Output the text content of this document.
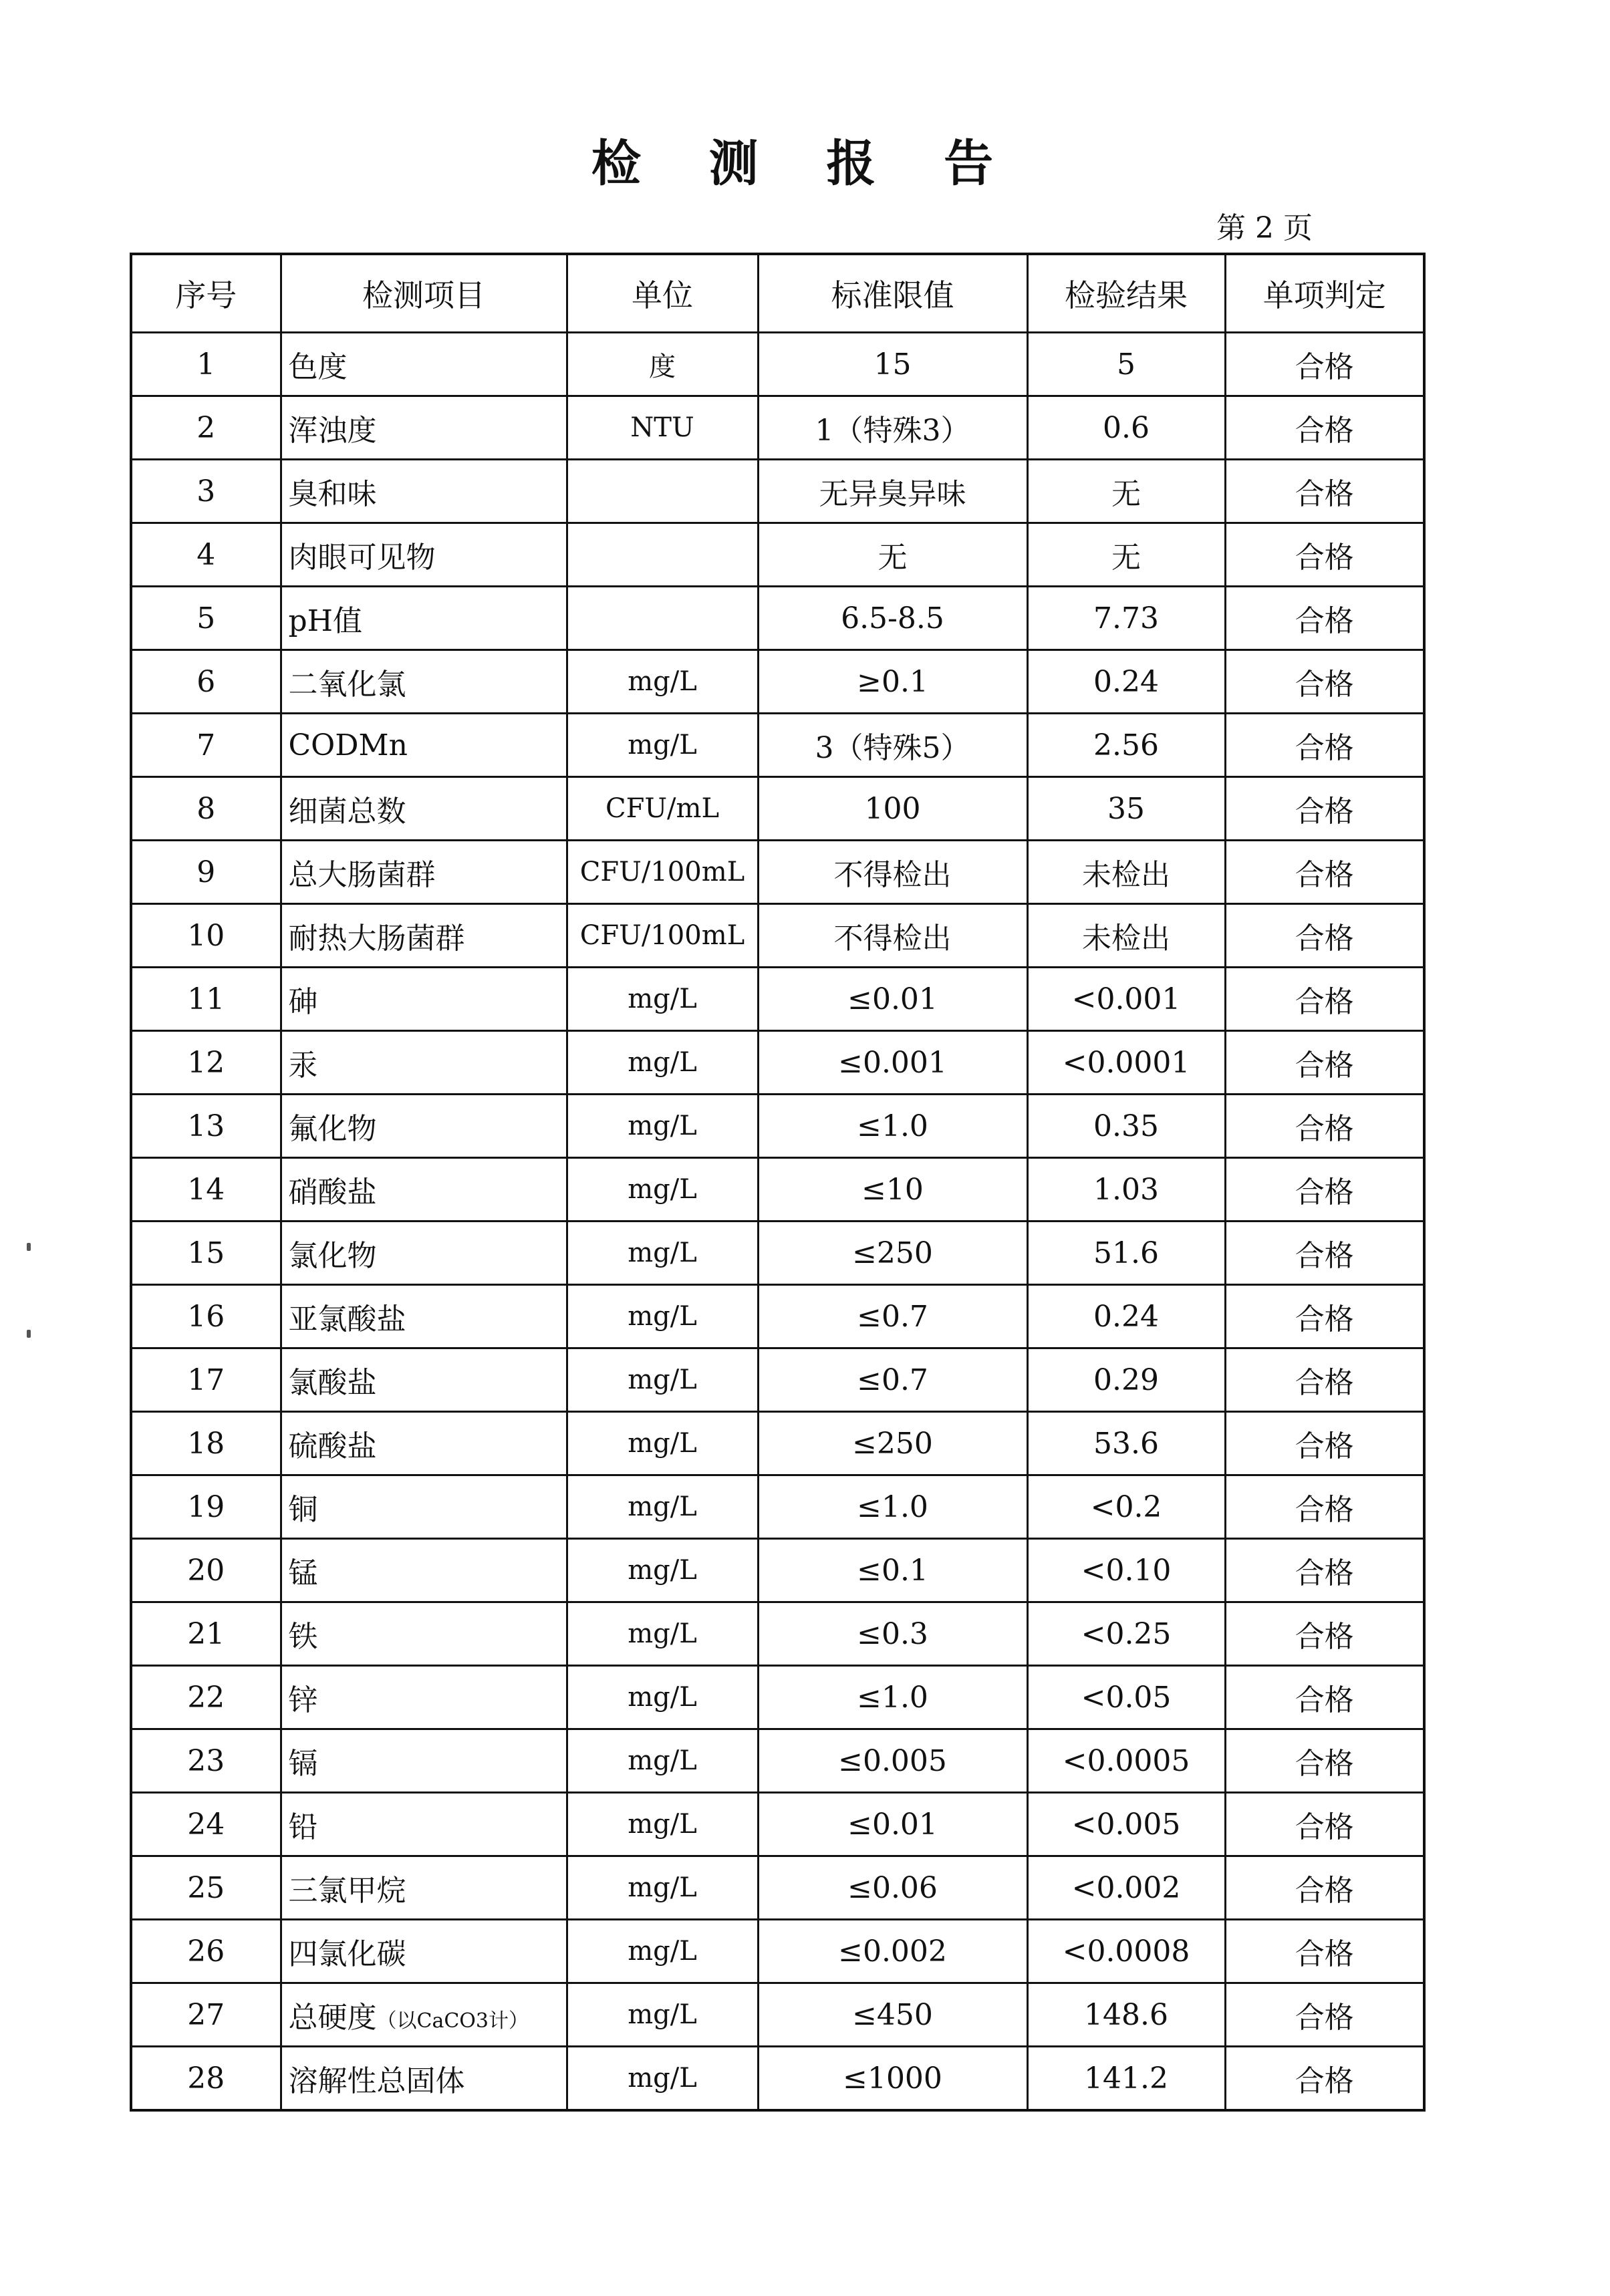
检 测 报 告
第 2 页
序号	检测项目	单位	标准限值	检验结果	单项判定
1	色度	度	15	5	合格
2	浑浊度	NTU	1（特殊3）	0.6	合格
3	臭和味		无异臭异味	无	合格
4	肉眼可见物		无	无	合格
5	pH值		6.5-8.5	7.73	合格
6	二氧化氯	mg/L	≥0.1	0.24	合格
7	CODMn	mg/L	3（特殊5）	2.56	合格
8	细菌总数	CFU/mL	100	35	合格
9	总大肠菌群	CFU/100mL	不得检出	未检出	合格
10	耐热大肠菌群	CFU/100mL	不得检出	未检出	合格
11	砷	mg/L	≤0.01	<0.001	合格
12	汞	mg/L	≤0.001	<0.0001	合格
13	氟化物	mg/L	≤1.0	0.35	合格
14	硝酸盐	mg/L	≤10	1.03	合格
15	氯化物	mg/L	≤250	51.6	合格
16	亚氯酸盐	mg/L	≤0.7	0.24	合格
17	氯酸盐	mg/L	≤0.7	0.29	合格
18	硫酸盐	mg/L	≤250	53.6	合格
19	铜	mg/L	≤1.0	<0.2	合格
20	锰	mg/L	≤0.1	<0.10	合格
21	铁	mg/L	≤0.3	<0.25	合格
22	锌	mg/L	≤1.0	<0.05	合格
23	镉	mg/L	≤0.005	<0.0005	合格
24	铅	mg/L	≤0.01	<0.005	合格
25	三氯甲烷	mg/L	≤0.06	<0.002	合格
26	四氯化碳	mg/L	≤0.002	<0.0008	合格
27	总硬度（以CaCO3计）	mg/L	≤450	148.6	合格
28	溶解性总固体	mg/L	≤1000	141.2	合格
